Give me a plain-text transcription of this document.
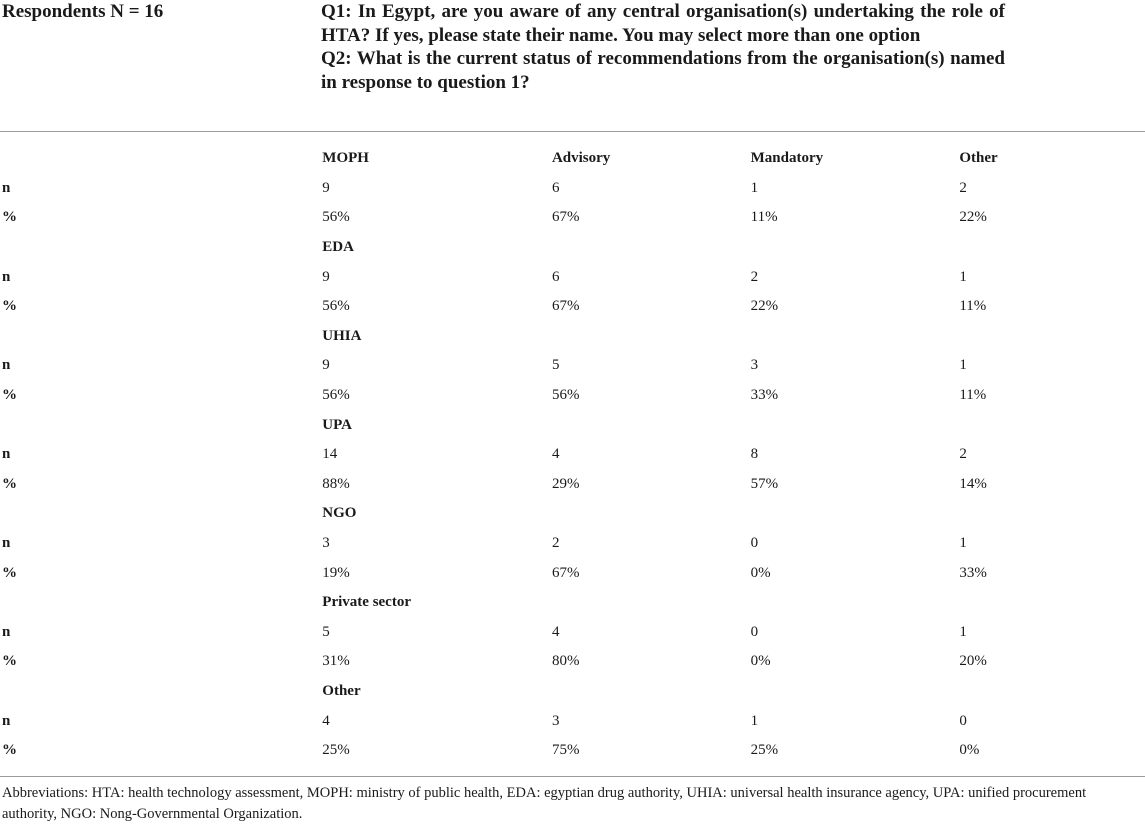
Respondents N = 16	Q1: In Egypt, are you aware of any central organisation(s) undertaking the role of HTA? If yes, please state their name. You may select more than one option
Q2: What is the current status of recommendations from the organisation(s) named in response to question 1?
	MOPH	Advisory	Mandatory	Other
n	9	6	1	2
%	56%	67%	11%	22%
	EDA			
n	9	6	2	1
%	56%	67%	22%	11%
	UHIA			
n	9	5	3	1
%	56%	56%	33%	11%
	UPA			
n	14	4	8	2
%	88%	29%	57%	14%
	NGO			
n	3	2	0	1
%	19%	67%	0%	33%
	Private sector			
n	5	4	0	1
%	31%	80%	0%	20%
	Other			
n	4	3	1	0
%	25%	75%	25%	0%
Abbreviations: HTA: health technology assessment, MOPH: ministry of public health, EDA: egyptian drug authority, UHIA: universal health insurance agency, UPA: unified procurement authority, NGO: Nong-Governmental Organization.
